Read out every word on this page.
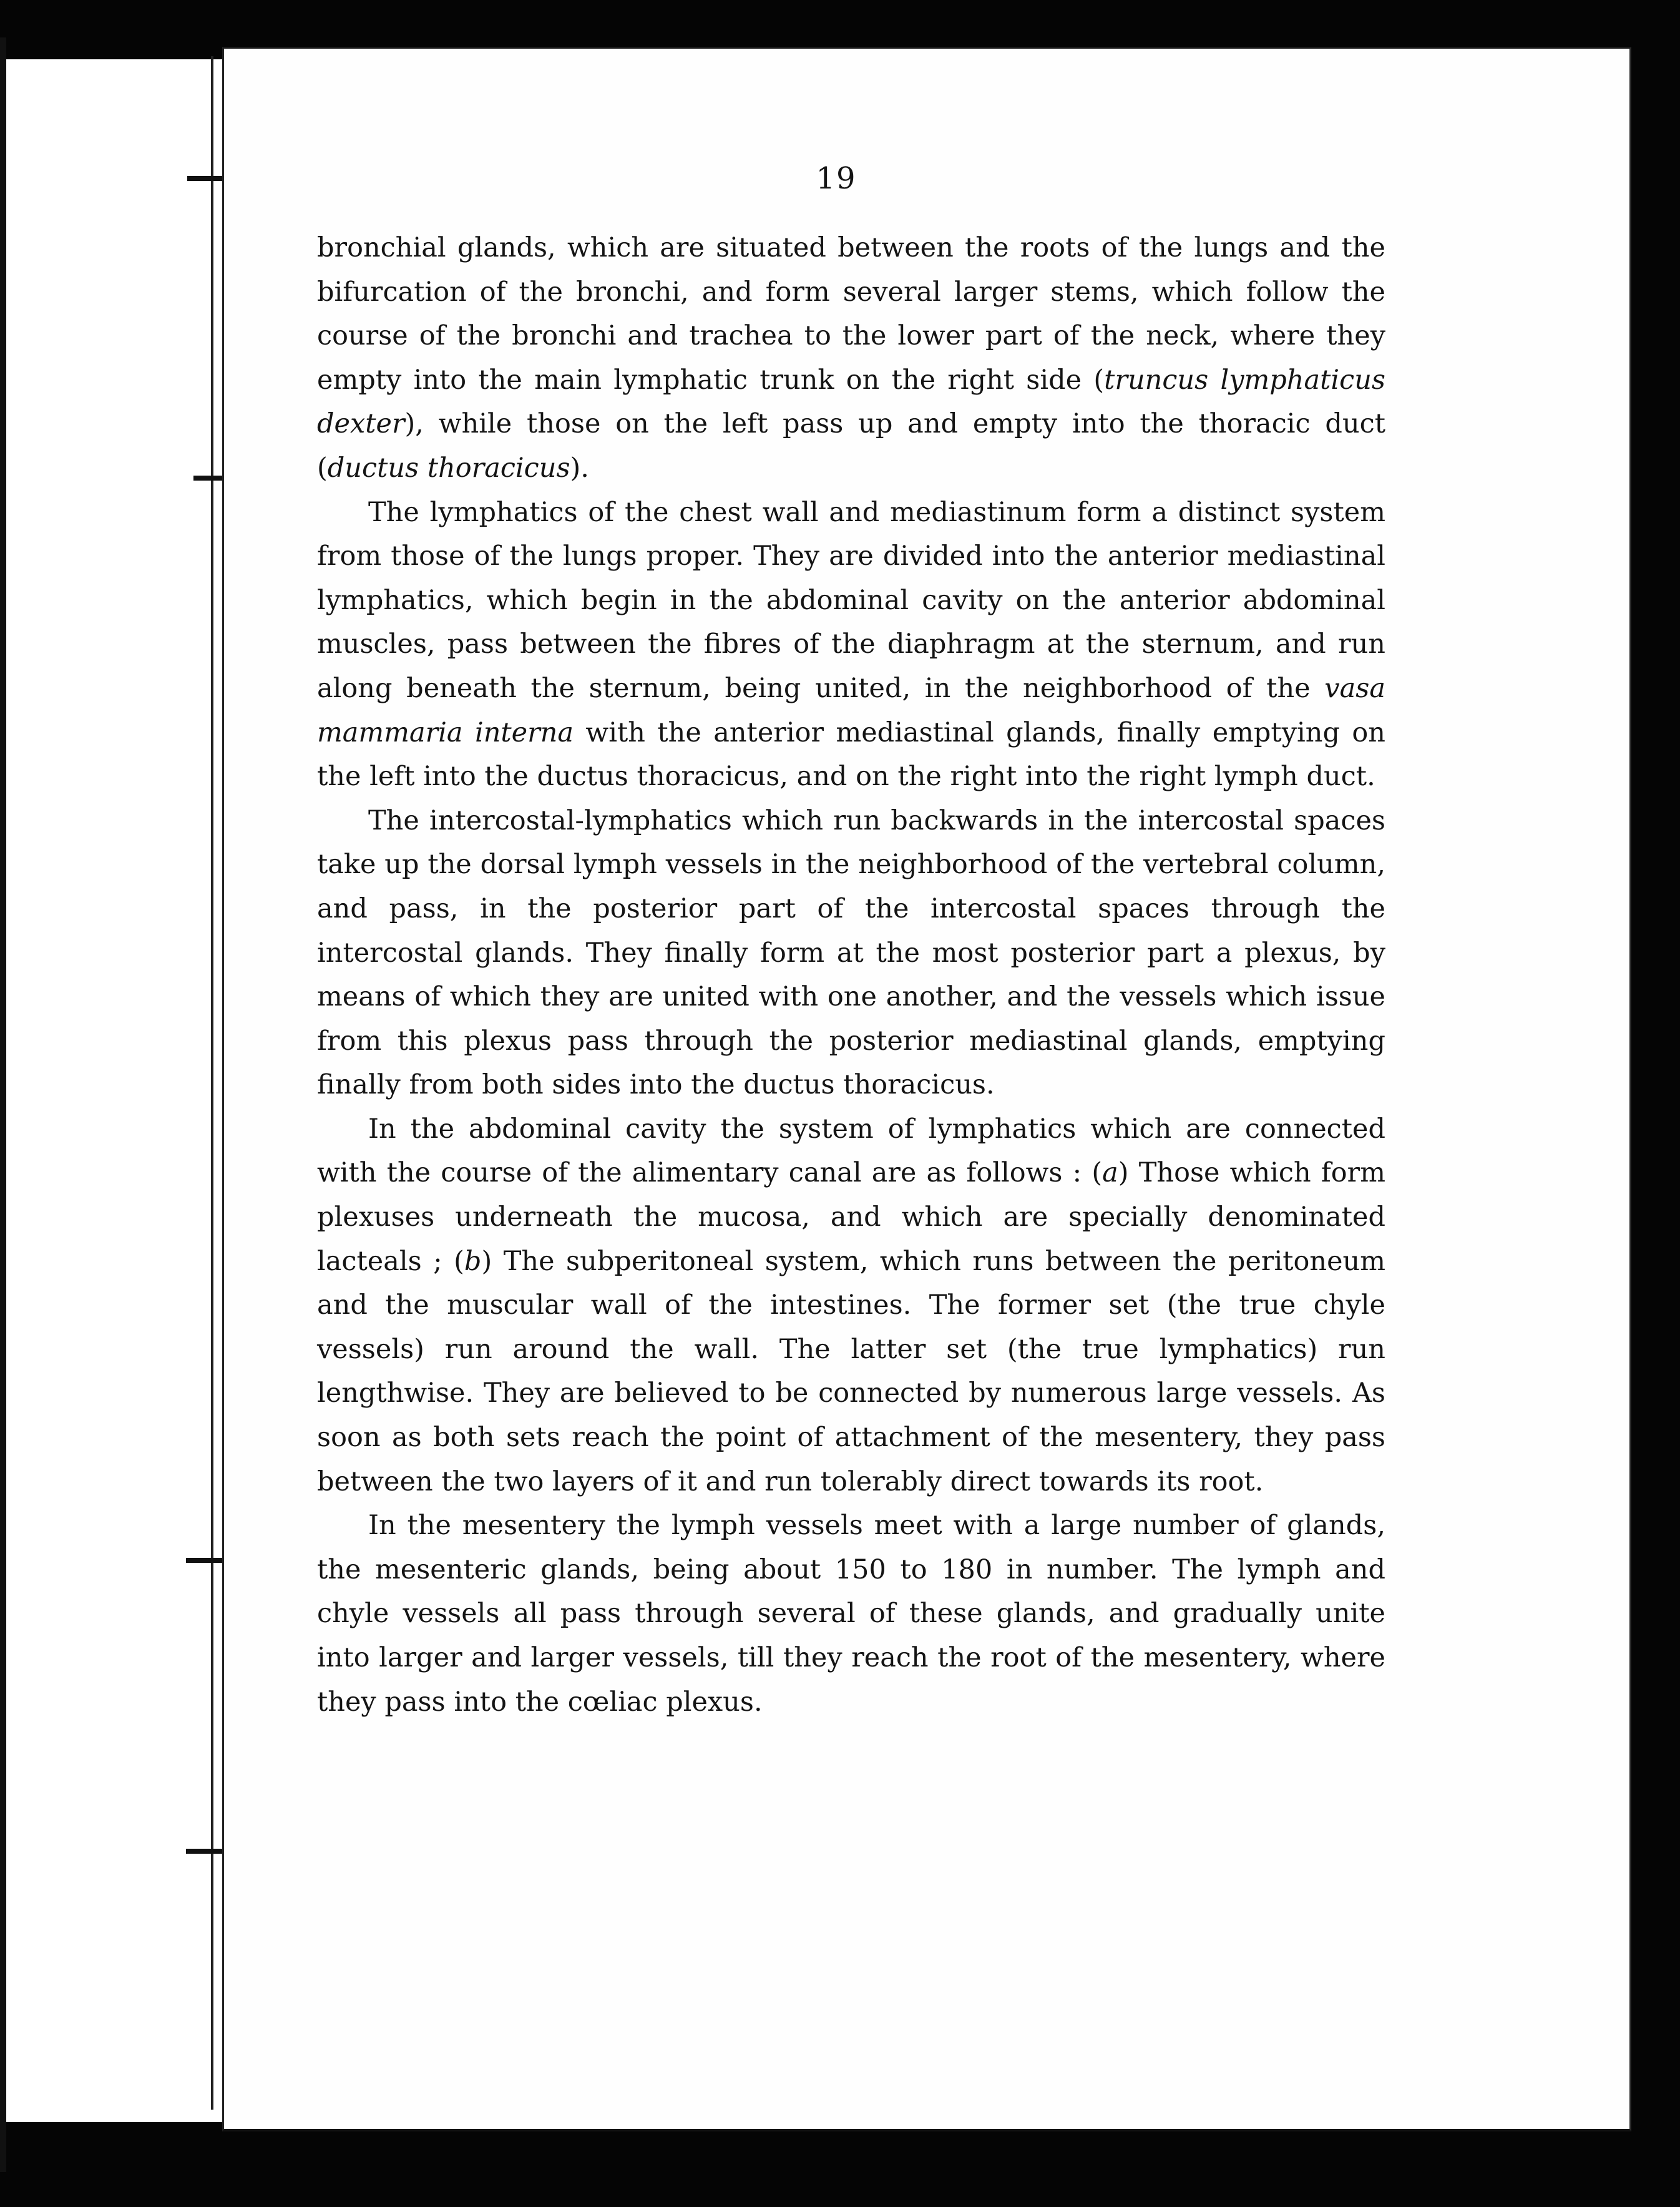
19

bronchial glands, which are situated between the roots of the lungs and the bifurcation of the bronchi, and form several larger stems, which follow the course of the bronchi and trachea to the lower part of the neck, where they empty into the main lymphatic trunk on the right side (truncus lymphaticus dexter), while those on the left pass up and empty into the thoracic duct (ductus thoracicus).

The lymphatics of the chest wall and mediastinum form a distinct system from those of the lungs proper. They are divided into the anterior mediastinal lymphatics, which begin in the abdominal cavity on the anterior abdominal muscles, pass between the fibres of the diaphragm at the sternum, and run along beneath the sternum, being united, in the neighborhood of the vasa mammaria interna with the anterior mediastinal glands, finally emptying on the left into the ductus thoracicus, and on the right into the right lymph duct.

The intercostal-lymphatics which run backwards in the intercostal spaces take up the dorsal lymph vessels in the neighborhood of the vertebral column, and pass, in the posterior part of the intercostal spaces through the intercostal glands. They finally form at the most posterior part a plexus, by means of which they are united with one another, and the vessels which issue from this plexus pass through the posterior mediastinal glands, emptying finally from both sides into the ductus thoracicus.

In the abdominal cavity the system of lymphatics which are connected with the course of the alimentary canal are as follows : (a) Those which form plexuses underneath the mucosa, and which are specially denominated lacteals ; (b) The subperitoneal system, which runs between the peritoneum and the muscular wall of the intestines. The former set (the true chyle vessels) run around the wall. The latter set (the true lymphatics) run lengthwise. They are believed to be connected by numerous large vessels. As soon as both sets reach the point of attachment of the mesentery, they pass between the two layers of it and run tolerably direct towards its root.

In the mesentery the lymph vessels meet with a large number of glands, the mesenteric glands, being about 150 to 180 in number. The lymph and chyle vessels all pass through several of these glands, and gradually unite into larger and larger vessels, till they reach the root of the mesentery, where they pass into the cœliac plexus.
